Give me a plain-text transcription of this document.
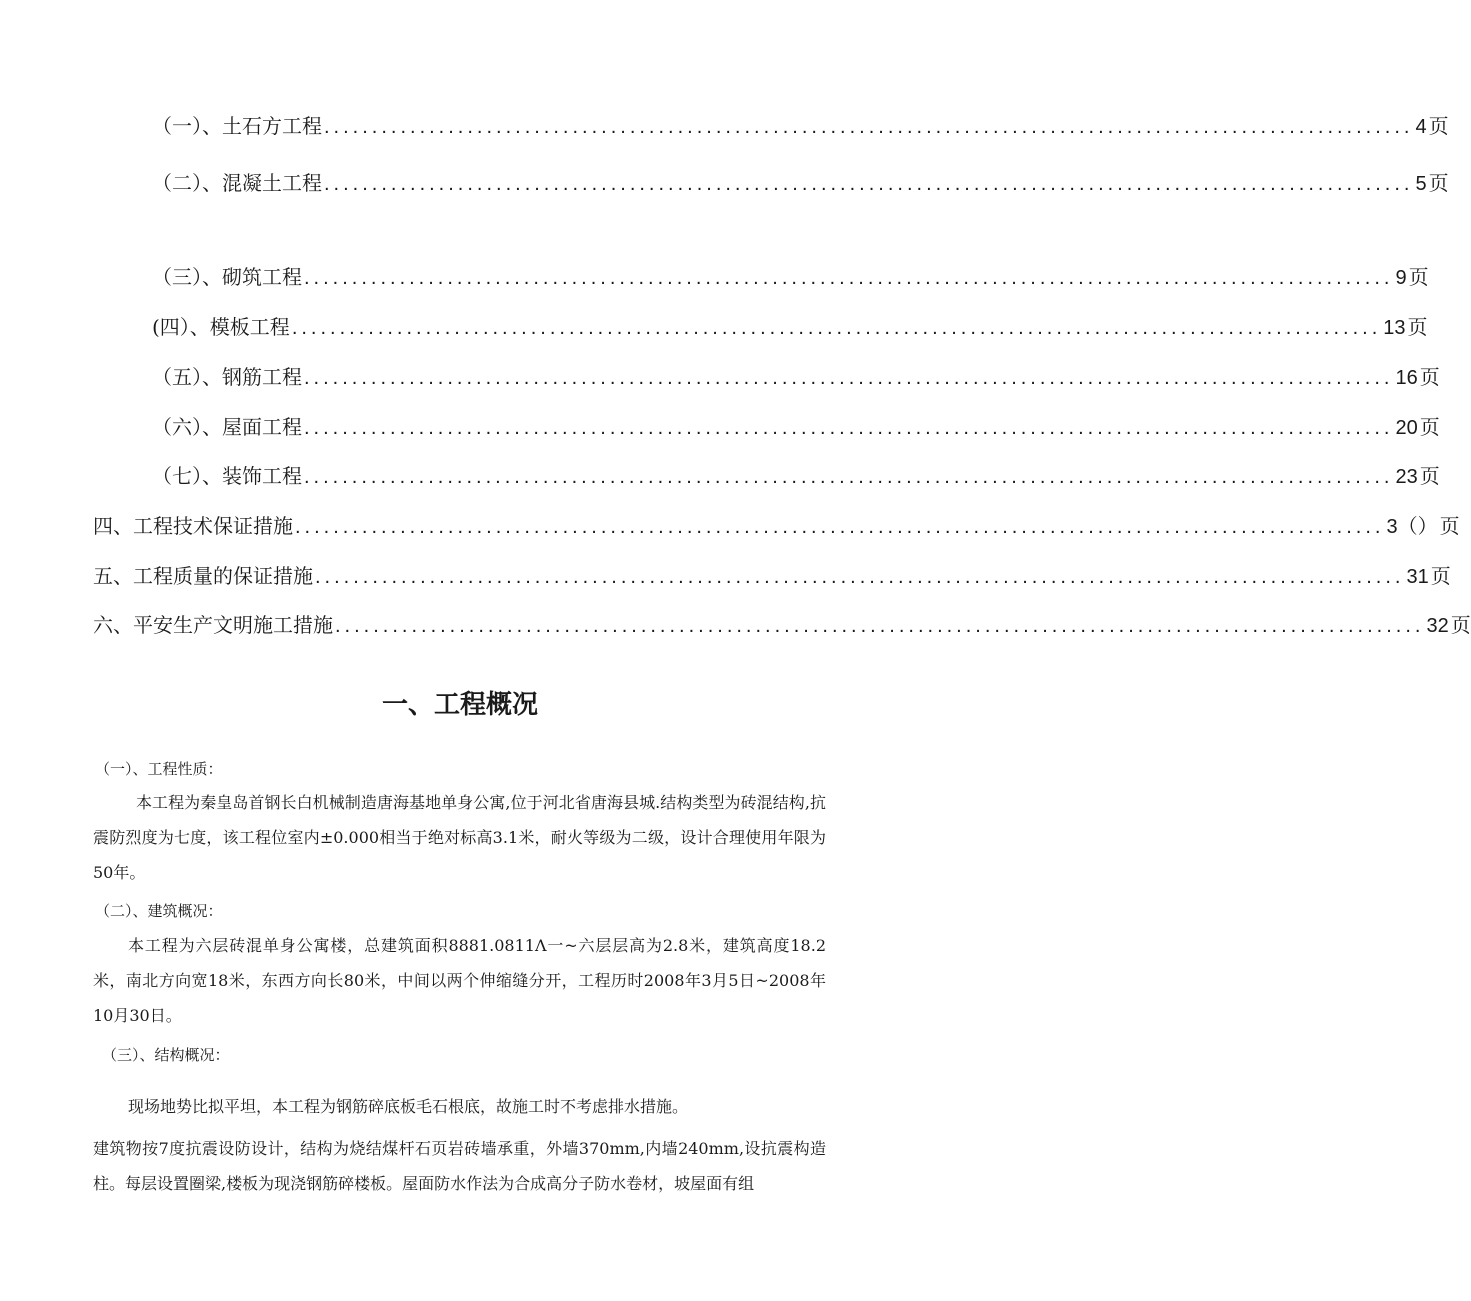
（一）、土石方工程 .................................................................................................................. 4 页
（二）、混凝土工程 .................................................................................................................. 5 页
（三）、砌筑工程 .................................................................................................................. 9 页
(四）、模板工程 .................................................................................................................. 13 页
（五）、钢筋工程 .................................................................................................................. 16 页
（六）、屋面工程 .................................................................................................................. 20 页
（七）、装饰工程 .................................................................................................................. 23 页
四、工程技术保证措施 .................................................................................................................. 3（） 页
五、工程质量的保证措施 .................................................................................................................. 31 页
六、平安生产文明施工措施 .................................................................................................................. 32 页
一、工程概况
（一）、工程性质：
本工程为秦皇岛首钢长白机械制造唐海基地单身公寓,位于河北省唐海县城.结构类型为砖混结构,抗震防烈度为七度，该工程位室内±0.000相当于绝对标高3.1米，耐火等级为二级，设计合理使用年限为50年。
（二）、建筑概况：
本工程为六层砖混单身公寓楼，总建筑面积8881.0811Λ一~六层层高为2.8米，建筑高度18.2米，南北方向宽18米，东西方向长80米，中间以两个伸缩缝分开，工程历时2008年3月5日~2008年10月30日。
（三）、结构概况：
现场地势比拟平坦，本工程为钢筋碎底板毛石根底，故施工时不考虑排水措施。
建筑物按7度抗震设防设计，结构为烧结煤杆石页岩砖墙承重，外墙370mm,内墙240mm,设抗震构造柱。每层设置圈梁,楼板为现浇钢筋碎楼板。屋面防水作法为合成高分子防水卷材，坡屋面有组
